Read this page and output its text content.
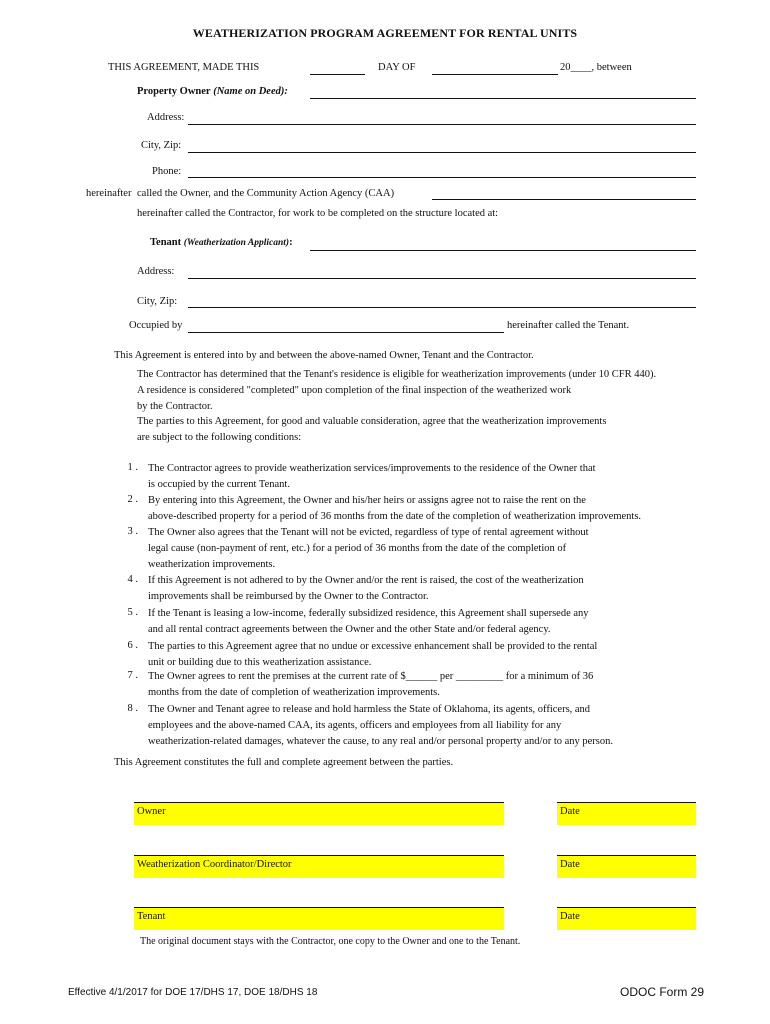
WEATHERIZATION PROGRAM AGREEMENT FOR RENTAL UNITS
THIS AGREEMENT, MADE THIS	DAY OF	20____, between
Property Owner (Name on Deed):
Address:
City, Zip:
Phone:
hereinafter called the Owner, and the Community Action Agency (CAA)
hereinafter called the Contractor, for work to be completed on the structure located at:
Tenant (Weatherization Applicant):
Address:
City, Zip:
Occupied by	hereinafter called the Tenant.
This Agreement is entered into by and between the above-named Owner, Tenant and the Contractor.
The Contractor has determined that the Tenant's residence is eligible for weatherization improvements (under 10 CFR 440).
A residence is considered "completed" upon completion of the final inspection of the weatherized work
by the Contractor.
The parties to this Agreement, for good and valuable consideration, agree that the weatherization improvements
are subject to the following conditions:
1 . The Contractor agrees to provide weatherization services/improvements to the residence of the Owner that
is occupied by the current Tenant.
2 . By entering into this Agreement, the Owner and his/her heirs or assigns agree not to raise the rent on the
above-described property for a period of 36 months from the date of the completion of weatherization improvements.
3 . The Owner also agrees that the Tenant will not be evicted, regardless of type of rental agreement without
legal cause (non-payment of rent, etc.) for a period of 36 months from the date of the completion of
weatherization improvements.
4 . If this Agreement is not adhered to by the Owner and/or the rent is raised, the cost of the weatherization
improvements shall be reimbursed by the Owner to the Contractor.
5 . If the Tenant is leasing a low-income, federally subsidized residence, this Agreement shall supersede any
and all rental contract agreements between the Owner and the other State and/or federal agency.
6 . The parties to this Agreement agree that no undue or excessive enhancement shall be provided to the rental
unit or building due to this weatherization assistance.
7 . The Owner agrees to rent the premises at the current rate of $______ per _________ for a minimum of 36
months from the date of completion of weatherization improvements.
8 . The Owner and Tenant agree to release and hold harmless the State of Oklahoma, its agents, officers, and
employees and the above-named CAA, its agents, officers and employees from all liability for any
weatherization-related damages, whatever the cause, to any real and/or personal property and/or to any person.
This Agreement constitutes the full and complete agreement between the parties.
Owner	Date
Weatherization Coordinator/Director	Date
Tenant	Date
The original document stays with the Contractor, one copy to the Owner and one to the Tenant.
Effective 4/1/2017 for DOE 17/DHS 17, DOE 18/DHS 18	ODOC Form 29
